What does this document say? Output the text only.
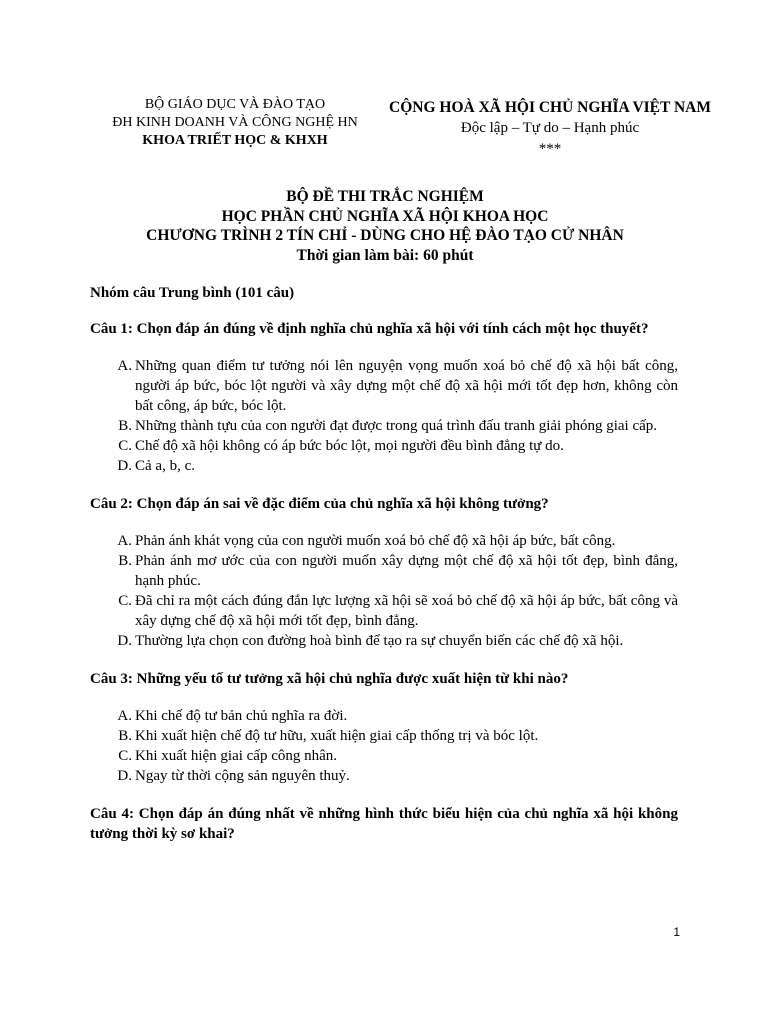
BỘ GIÁO DỤC VÀ ĐÀO TẠO
ĐH KINH DOANH VÀ CÔNG NGHỆ HN
KHOA TRIẾT HỌC & KHXH
CỘNG HOÀ XÃ HỘI CHỦ NGHĨA VIỆT NAM
Độc lập – Tự do – Hạnh phúc
***
BỘ ĐỀ THI TRẮC NGHIỆM
HỌC PHẦN CHỦ NGHĨA XÃ HỘI KHOA HỌC
CHƯƠNG TRÌNH 2 TÍN CHỈ - DÙNG CHO HỆ ĐÀO TẠO CỬ NHÂN
Thời gian làm bài: 60 phút
Nhóm câu Trung bình (101 câu)
Câu 1: Chọn đáp án đúng về định nghĩa chủ nghĩa xã hội với tính cách một học thuyết?
A. Những quan điểm tư tưởng nói lên nguyện vọng muốn xoá bỏ chế độ xã hội bất công, người áp bức, bóc lột người và xây dựng một chế độ xã hội mới tốt đẹp hơn, không còn bất công, áp bức, bóc lột.
B. Những thành tựu của con người đạt được trong quá trình đấu tranh giải phóng giai cấp.
C. Chế độ xã hội không có áp bức bóc lột, mọi người đều bình đẳng tự do.
D. Cả a, b, c.
Câu 2: Chọn đáp án sai về đặc điểm của chủ nghĩa xã hội không tưởng?
A. Phản ánh khát vọng của con người muốn xoá bỏ chế độ xã hội áp bức, bất công.
B. Phản ánh mơ ước của con người muốn xây dựng một chế độ xã hội tốt đẹp, bình đẳng, hạnh phúc.
C. Đã chỉ ra một cách đúng đắn lực lượng xã hội sẽ xoá bỏ chế độ xã hội áp bức, bất công và xây dựng chế độ xã hội mới tốt đẹp, bình đẳng.
D. Thường lựa chọn con đường hoà bình để tạo ra sự chuyển biến các chế độ xã hội.
Câu 3: Những yếu tố tư tưởng xã hội chủ nghĩa được xuất hiện từ khi nào?
A. Khi chế độ tư bản chủ nghĩa ra đời.
B. Khi xuất hiện chế độ tư hữu, xuất hiện giai cấp thống trị và bóc lột.
C. Khi xuất hiện giai cấp công nhân.
D. Ngay từ thời cộng sản nguyên thuỷ.
Câu 4: Chọn đáp án đúng nhất về những hình thức biểu hiện của chủ nghĩa xã hội không tưởng thời kỳ sơ khai?
1
